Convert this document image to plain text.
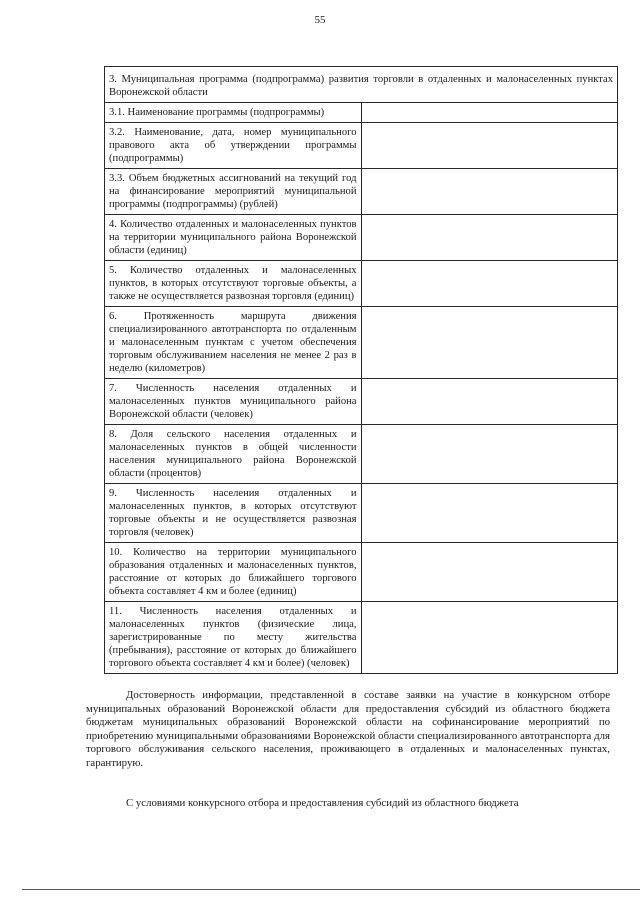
55
3. Муниципальная программа (подпрограмма) развития торговли в отдаленных и малонаселенных пунктах Воронежской области	
3.1. Наименование программы (подпрограммы)	
3.2. Наименование, дата, номер муниципального правового акта об утверждении программы (подпрограммы)	
3.3. Объем бюджетных ассигнований на текущий год на финансирование мероприятий муниципальной программы (подпрограммы) (рублей)	
4. Количество отдаленных и малонаселенных пунктов на территории муниципального района Воронежской области (единиц)	
5. Количество отдаленных и малонаселенных пунктов, в которых отсутствуют торговые объекты, а также не осуществляется развозная торговля (единиц)	
6. Протяженность маршрута движения специализированного автотранспорта по отдаленным и малонаселенным пунктам с учетом обеспечения торговым обслуживанием населения не менее 2 раз в неделю (километров)	
7. Численность населения отдаленных и малонаселенных пунктов муниципального района Воронежской области (человек)	
8. Доля сельского населения отдаленных и малонаселенных пунктов в общей численности населения муниципального района Воронежской области (процентов)	
9. Численность населения отдаленных и малонаселенных пунктов, в которых отсутствуют торговые объекты и не осуществляется развозная торговля (человек)	
10. Количество на территории муниципального образования отдаленных и малонаселенных пунктов, расстояние от которых до ближайшего торгового объекта составляет 4 км и более (единиц)	
11. Численность населения отдаленных и малонаселенных пунктов (физические лица, зарегистрированные по месту жительства (пребывания), расстояние от которых до ближайшего торгового объекта составляет 4 км и более) (человек)	

Достоверность информации, представленной в составе заявки на участие в конкурсном отборе муниципальных образований Воронежской области для предоставления субсидий из областного бюджета бюджетам муниципальных образований Воронежской области на софинансирование мероприятий по приобретению муниципальными образованиями Воронежской области специализированного автотранспорта для торгового обслуживания сельского населения, проживающего в отдаленных и малонаселенных пунктах, гарантирую.

С условиями конкурсного отбора и предоставления субсидий из областного бюджета
